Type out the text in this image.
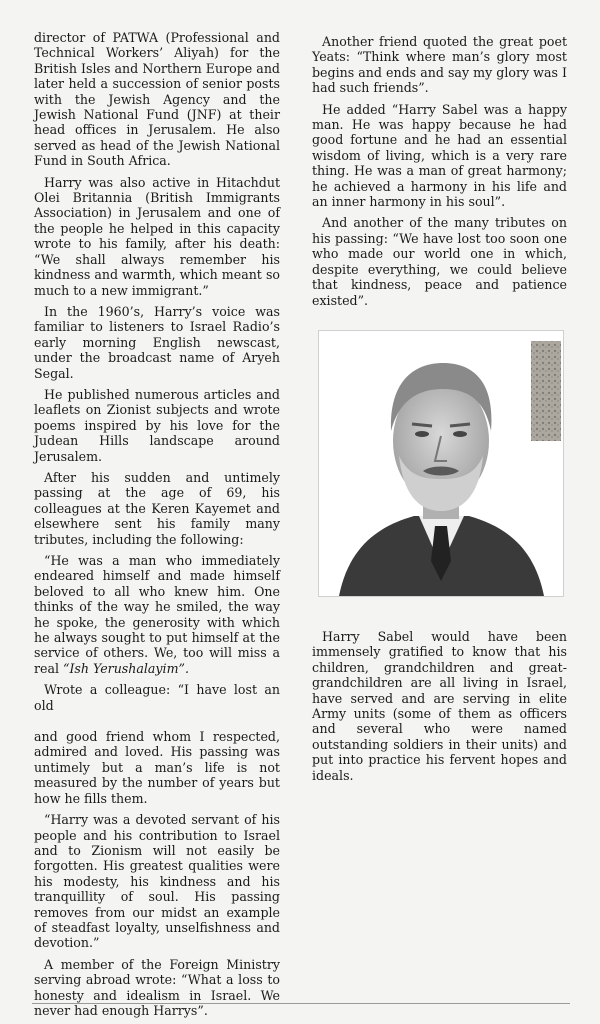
director of PATWA (Professional and Technical Workers’ Aliyah) for the British Isles and Northern Europe and later held a succession of senior posts with the Jewish Agency and the Jewish National Fund (JNF) at their head offices in Jerusalem. He also served as head of the Jewish National Fund in South Africa.

Harry was also active in Hitachdut Olei Britannia (British Immigrants Association) in Jerusalem and one of the people he helped in this capacity wrote to his family, after his death: “We shall always remember his kindness and warmth, which meant so much to a new immigrant.”

In the 1960’s, Harry’s voice was familiar to listeners to Israel Radio’s early morning English newscast, under the broadcast name of Aryeh Segal.

He published numerous articles and leaflets on Zionist subjects and wrote poems inspired by his love for the Judean Hills landscape around Jerusalem.

After his sudden and untimely passing at the age of 69, his colleagues at the Keren Kayemet and elsewhere sent his family many tributes, including the following:

“He was a man who immediately endeared himself and made himself beloved to all who knew him. One thinks of the way he smiled, the way he spoke, the generosity with which he always sought to put himself at the service of others. We, too will miss a real “Ish Yerushalayim”.

Wrote a colleague: “I have lost an old

and good friend whom I respected, admired and loved. His passing was untimely but a man’s life is not measured by the number of years but how he fills them.

“Harry was a devoted servant of his people and his contribution to Israel and to Zionism will not easily be forgotten. His greatest qualities were his modesty, his kindness and his tranquillity of soul. His passing removes from our midst an example of steadfast loyalty, unselfishness and devotion.”

A member of the Foreign Ministry serving abroad wrote: “What a loss to honesty and idealism in Israel. We never had enough Harrys”.

Another friend quoted the great poet Yeats: “Think where man’s glory most begins and ends and say my glory was I had such friends”.

He added “Harry Sabel was a happy man. He was happy because he had good fortune and he had an essential wisdom of living, which is a very rare thing. He was a man of great harmony; he achieved a harmony in his life and an inner harmony in his soul”.

And another of the many tributes on his passing: “We have lost too soon one who made our world one in which, despite everything, we could believe that kindness, peace and patience existed”.

Harry Sabel would have been immensely gratified to know that his children, grandchildren and great-grandchildren are all living in Israel, have served and are serving in elite Army units (some of them as officers and several who were named outstanding soldiers in their units) and put into practice his fervent hopes and ideals.
